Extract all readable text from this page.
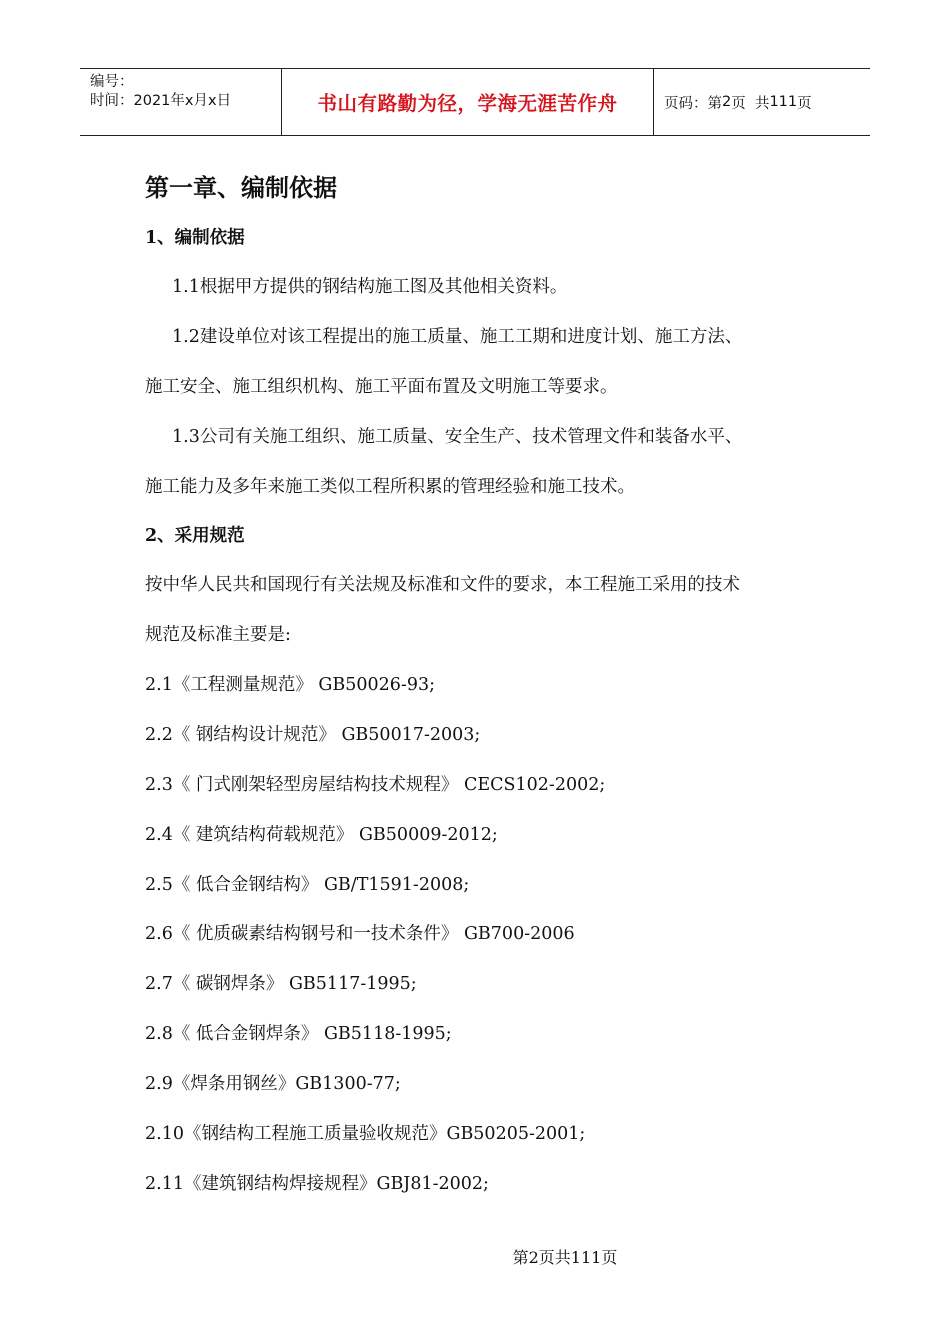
编号：
时间：2021年x月x日	书山有路勤为径，学海无涯苦作舟	页码：第 2 页  共 111 页
第一章、编制依据
1、编制依据
1.1根据甲方提供的钢结构施工图及其他相关资料。
1.2建设单位对该工程提出的施工质量、施工工期和进度计划、施工方法、
施工安全、施工组织机构、施工平面布置及文明施工等要求。
1.3公司有关施工组织、施工质量、安全生产、技术管理文件和装备水平、
施工能力及多年来施工类似工程所积累的管理经验和施工技术。
2、采用规范
按中华人民共和国现行有关法规及标准和文件的要求，本工程施工采用的技术
规范及标准主要是:
2.1《工程测量规范》 GB50026-93;
2.2《 钢结构设计规范》 GB50017-2003;
2.3《 门式刚架轻型房屋结构技术规程》 CECS102-2002;
2.4《 建筑结构荷载规范》 GB50009-2012;
2.5《 低合金钢结构》 GB/T1591-2008;
2.6《 优质碳素结构钢号和一技术条件》 GB700-2006
2.7《 碳钢焊条》 GB5117-1995;
2.8《 低合金钢焊条》 GB5118-1995;
2.9《焊条用钢丝》GB1300-77;
2.10《钢结构工程施工质量验收规范》GB50205-2001;
2.11《建筑钢结构焊接规程》GBJ81-2002;
第2页共111页
